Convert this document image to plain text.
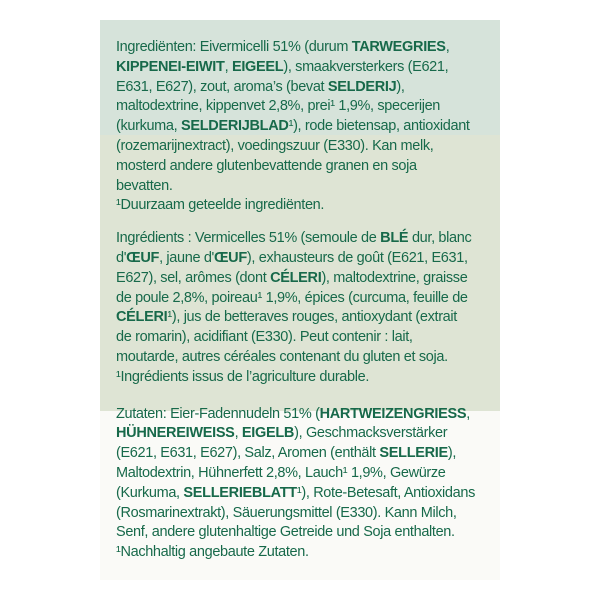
Ingrediënten: Eivermicelli 51% (durum TARWEGRIES,
KIPPENEI-EIWIT, EIGEEL), smaakversterkers (E621,
E631, E627), zout, aroma’s (bevat SELDERIJ),
maltodextrine, kippenvet 2,8%, prei¹ 1,9%, specerijen
(kurkuma, SELDERIJBLAD¹), rode bietensap, antioxidant
(rozemarijnextract), voedingszuur (E330). Kan melk,
mosterd andere glutenbevattende granen en soja
bevatten.
¹Duurzaam geteelde ingrediënten.
Ingrédients : Vermicelles 51% (semoule de BLÉ dur, blanc
d'ŒUF, jaune d'ŒUF), exhausteurs de goût (E621, E631,
E627), sel, arômes (dont CÉLERI), maltodextrine, graisse
de poule 2,8%, poireau¹ 1,9%, épices (curcuma, feuille de
CÉLERI¹), jus de betteraves rouges, antioxydant (extrait
de romarin), acidifiant (E330). Peut contenir : lait,
moutarde, autres céréales contenant du gluten et soja.
¹Ingrédients issus de l’agriculture durable.
Zutaten: Eier-Fadennudeln 51% (HARTWEIZENGRIESS,
HÜHNEREIWEISS, EIGELB), Geschmacksverstärker
(E621, E631, E627), Salz, Aromen (enthält SELLERIE),
Maltodextrin, Hühnerfett 2,8%, Lauch¹ 1,9%, Gewürze
(Kurkuma, SELLERIEBLATT¹), Rote-Betesaft, Antioxidans
(Rosmarinextrakt), Säuerungsmittel (E330). Kann Milch,
Senf, andere glutenhaltige Getreide und Soja enthalten.
¹Nachhaltig angebaute Zutaten.
